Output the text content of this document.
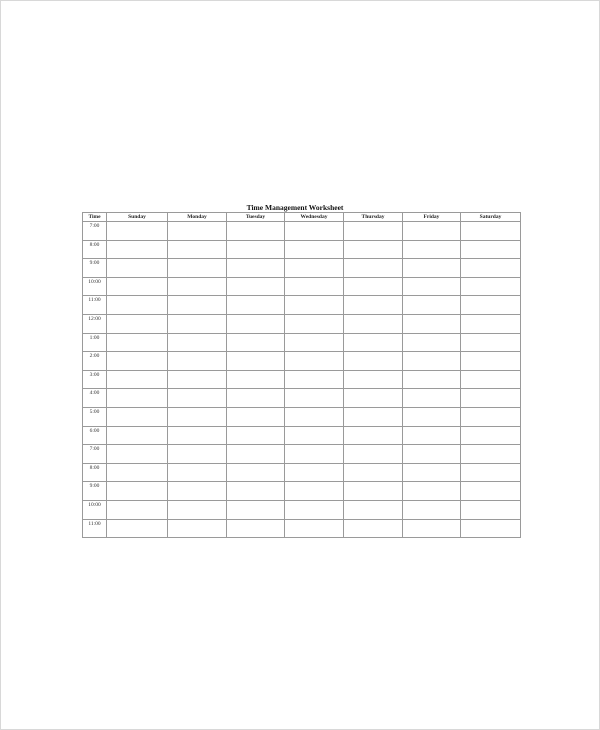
Time Management Worksheet
Time	Sunday	Monday	Tuesday	Wednesday	Thursday	Friday	Saturday
7:00							
8:00							
9:00							
10:00							
11:00							
12:00							
1:00							
2:00							
3:00							
4:00							
5:00							
6:00							
7:00							
8:00							
9:00							
10:00							
11:00							
